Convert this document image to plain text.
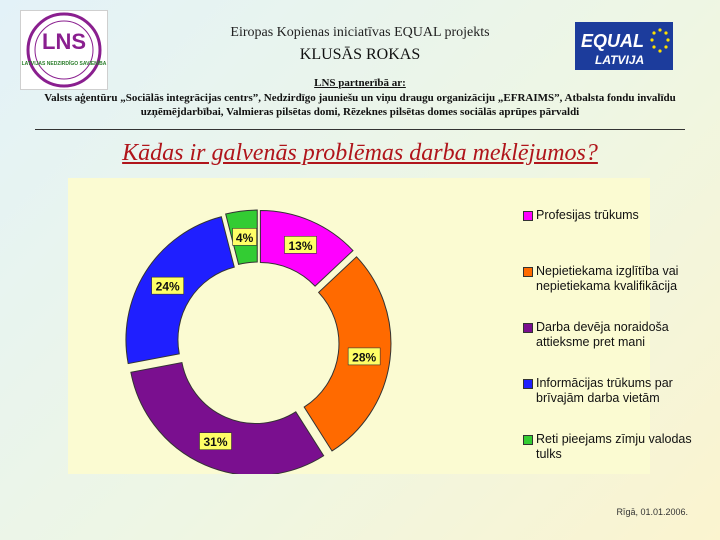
LNS
LATVIJAS NEDZIRDĪGO SAVIENĪBA
EQUAL
LATVIJA
Eiropas Kopienas iniciatīvas EQUAL projekts
KLUSĀS ROKAS
LNS partnerībā ar:
Valsts aģentūru „Sociālās integrācijas centrs”, Nedzirdīgo jauniešu un viņu draugu organizāciju „EFRAIMS”, Atbalsta fondu invalīdu uzņēmējdarbībai, Valmieras pilsētas domi, Rēzeknes pilsētas domes sociālās aprūpes pārvaldi
Kādas ir galvenās problēmas darba meklējumos?
4%
13%
28%
31%
24%
Profesijas trūkums
Nepietiekama izglītība vai
nepietiekama kvalifikācija
Darba devēja noraidoša
attieksme pret mani
Informācijas trūkums par
brīvajām darba vietām
Reti pieejams zīmju valodas
tulks
Rīgā, 01.01.2006.
